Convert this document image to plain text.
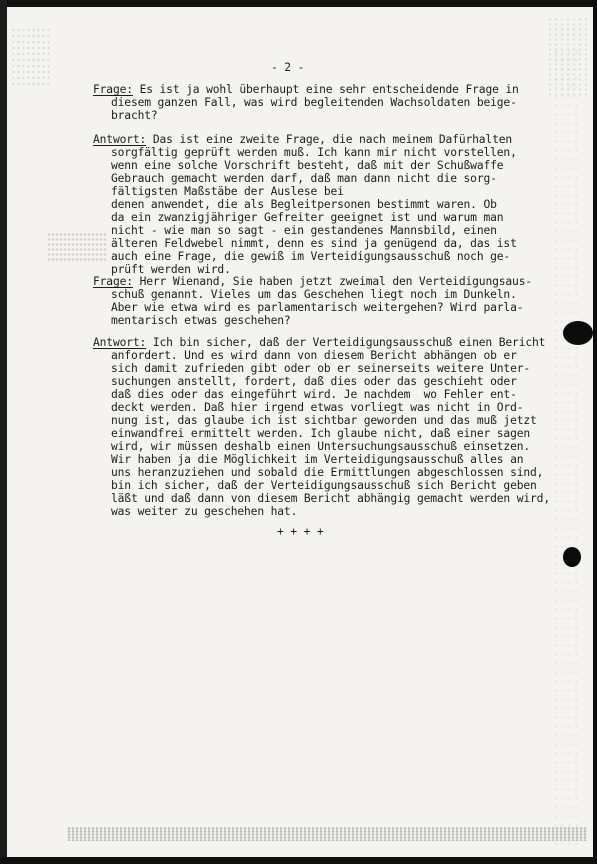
- 2 -
Frage: Es ist ja wohl überhaupt eine sehr entscheidende Frage in
diesem ganzen Fall, was wird begleitenden Wachsoldaten beige-
bracht?
Antwort: Das ist eine zweite Frage, die nach meinem Dafürhalten
sorgfältig geprüft werden muß. Ich kann mir nicht vorstellen,
wenn eine solche Vorschrift besteht, daß mit der Schußwaffe
Gebrauch gemacht werden darf, daß man dann nicht die sorg-
fältigsten Maßstäbe der Auslese bei
denen anwendet, die als Begleitpersonen bestimmt waren. Ob
da ein zwanzigjähriger Gefreiter geeignet ist und warum man
nicht - wie man so sagt - ein gestandenes Mannsbild, einen
älteren Feldwebel nimmt, denn es sind ja genügend da, das ist
auch eine Frage, die gewiß im Verteidigungsausschuß noch ge-
prüft werden wird.
Frage: Herr Wienand, Sie haben jetzt zweimal den Verteidigungsaus-
schuß genannt. Vieles um das Geschehen liegt noch im Dunkeln.
Aber wie etwa wird es parlamentarisch weitergehen? Wird parla-
mentarisch etwas geschehen?
Antwort: Ich bin sicher, daß der Verteidigungsausschuß einen Bericht
anfordert. Und es wird dann von diesem Bericht abhängen ob er
sich damit zufrieden gibt oder ob er seinerseits weitere Unter-
suchungen anstellt, fordert, daß dies oder das geschieht oder
daß dies oder das eingeführt wird. Je nachdem  wo Fehler ent-
deckt werden. Daß hier irgend etwas vorliegt was nicht in Ord-
nung ist, das glaube ich ist sichtbar geworden und das muß jetzt
einwandfrei ermittelt werden. Ich glaube nicht, daß einer sagen
wird, wir müssen deshalb einen Untersuchungsausschuß einsetzen.
Wir haben ja die Möglichkeit im Verteidigungsausschuß alles an
uns heranzuziehen und sobald die Ermittlungen abgeschlossen sind,
bin ich sicher, daß der Verteidigungsausschuß sich Bericht geben
läßt und daß dann von diesem Bericht abhängig gemacht werden wird,
was weiter zu geschehen hat.
+ + + +
